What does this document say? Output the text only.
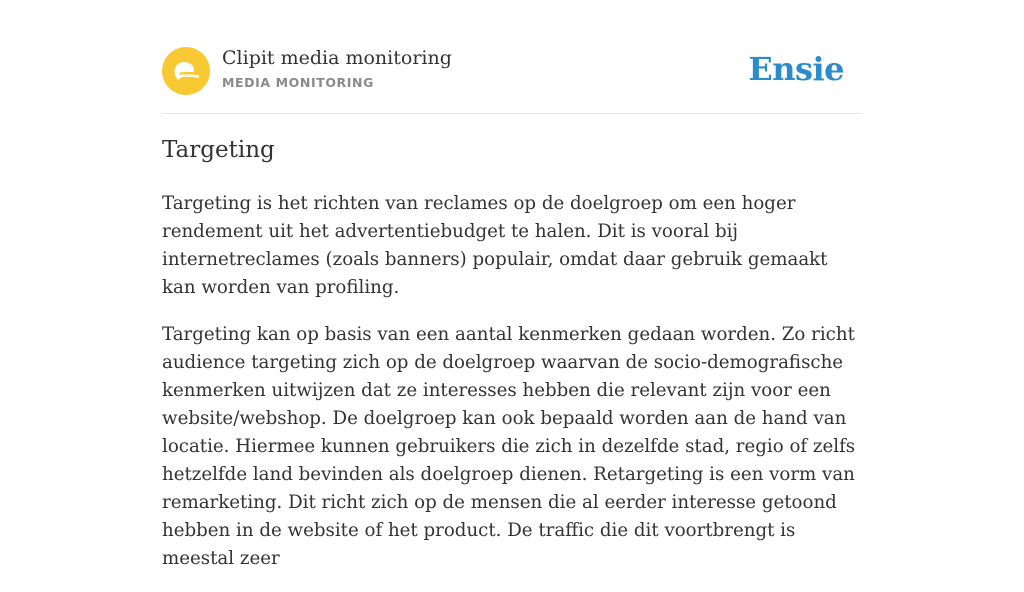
Clipit media monitoring
MEDIA MONITORING	Ensie
Targeting

Targeting is het richten van reclames op de doelgroep om een hoger rendement uit het advertentiebudget te halen. Dit is vooral bij internetreclames (zoals banners) populair, omdat daar gebruik gemaakt kan worden van profiling.

Targeting kan op basis van een aantal kenmerken gedaan worden. Zo richt audience targeting zich op de doelgroep waarvan de socio-demografische kenmerken uitwijzen dat ze interesses hebben die relevant zijn voor een website/webshop. De doelgroep kan ook bepaald worden aan de hand van locatie. Hiermee kunnen gebruikers die zich in dezelfde stad, regio of zelfs hetzelfde land bevinden als doelgroep dienen. Retargeting is een vorm van remarketing. Dit richt zich op de mensen die al eerder interesse getoond hebben in de website of het product. De traffic die dit voortbrengt is meestal zeer
